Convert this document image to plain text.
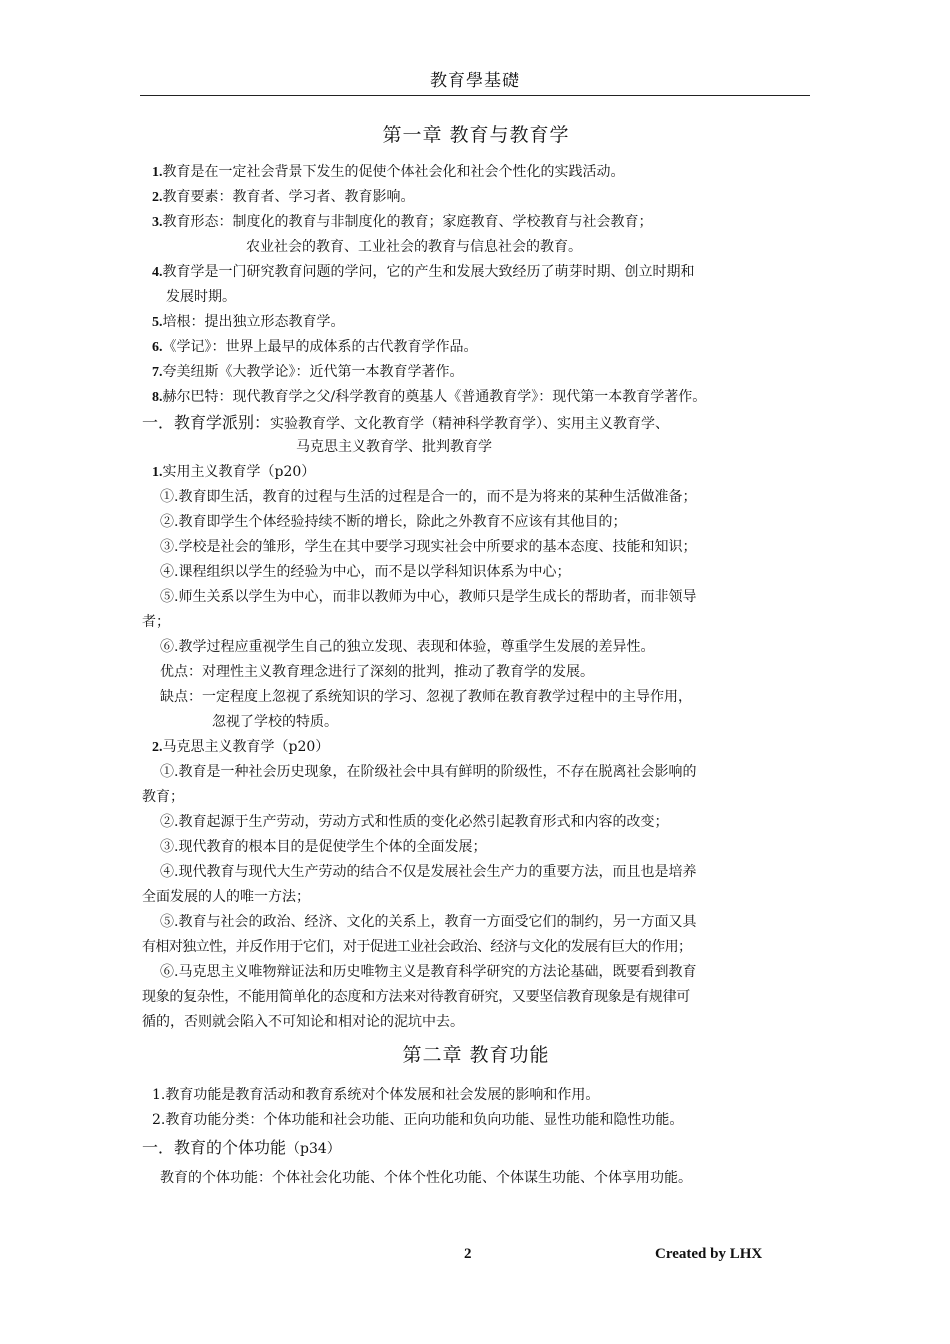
教育學基礎
第一章 教育与教育学
1.教育是在一定社会背景下发生的促使个体社会化和社会个性化的实践活动。
2.教育要素：教育者、学习者、教育影响。
3.教育形态：制度化的教育与非制度化的教育；家庭教育、学校教育与社会教育；
农业社会的教育、工业社会的教育与信息社会的教育。
4.教育学是一门研究教育问题的学问，它的产生和发展大致经历了萌芽时期、创立时期和
发展时期。
5.培根：提出独立形态教育学。
6.《学记》：世界上最早的成体系的古代教育学作品。
7.夸美纽斯《大教学论》：近代第一本教育学著作。
8.赫尔巴特：现代教育学之父/科学教育的奠基人《普通教育学》：现代第一本教育学著作。
一．教育学派别：实验教育学、文化教育学（精神科学教育学）、实用主义教育学、
马克思主义教育学、批判教育学
1.实用主义教育学（p20）
①.教育即生活，教育的过程与生活的过程是合一的，而不是为将来的某种生活做准备；
②.教育即学生个体经验持续不断的增长，除此之外教育不应该有其他目的；
③.学校是社会的雏形，学生在其中要学习现实社会中所要求的基本态度、技能和知识；
④.课程组织以学生的经验为中心，而不是以学科知识体系为中心；
⑤.师生关系以学生为中心，而非以教师为中心，教师只是学生成长的帮助者，而非领导
者；
⑥.教学过程应重视学生自己的独立发现、表现和体验，尊重学生发展的差异性。
优点：对理性主义教育理念进行了深刻的批判，推动了教育学的发展。
缺点：一定程度上忽视了系统知识的学习、忽视了教师在教育教学过程中的主导作用，
忽视了学校的特质。
2.马克思主义教育学（p20）
①.教育是一种社会历史现象，在阶级社会中具有鲜明的阶级性，不存在脱离社会影响的
教育；
②.教育起源于生产劳动，劳动方式和性质的变化必然引起教育形式和内容的改变；
③.现代教育的根本目的是促使学生个体的全面发展；
④.现代教育与现代大生产劳动的结合不仅是发展社会生产力的重要方法，而且也是培养
全面发展的人的唯一方法；
⑤.教育与社会的政治、经济、文化的关系上，教育一方面受它们的制约，另一方面又具
有相对独立性，并反作用于它们，对于促进工业社会政治、经济与文化的发展有巨大的作用；
⑥.马克思主义唯物辩证法和历史唯物主义是教育科学研究的方法论基础，既要看到教育
现象的复杂性，不能用简单化的态度和方法来对待教育研究，又要坚信教育现象是有规律可
循的，否则就会陷入不可知论和相对论的泥坑中去。
第二章 教育功能
1.教育功能是教育活动和教育系统对个体发展和社会发展的影响和作用。
2.教育功能分类：个体功能和社会功能、正向功能和负向功能、显性功能和隐性功能。
一．教育的个体功能（p34）
教育的个体功能：个体社会化功能、个体个性化功能、个体谋生功能、个体享用功能。
2	Created by LHX
